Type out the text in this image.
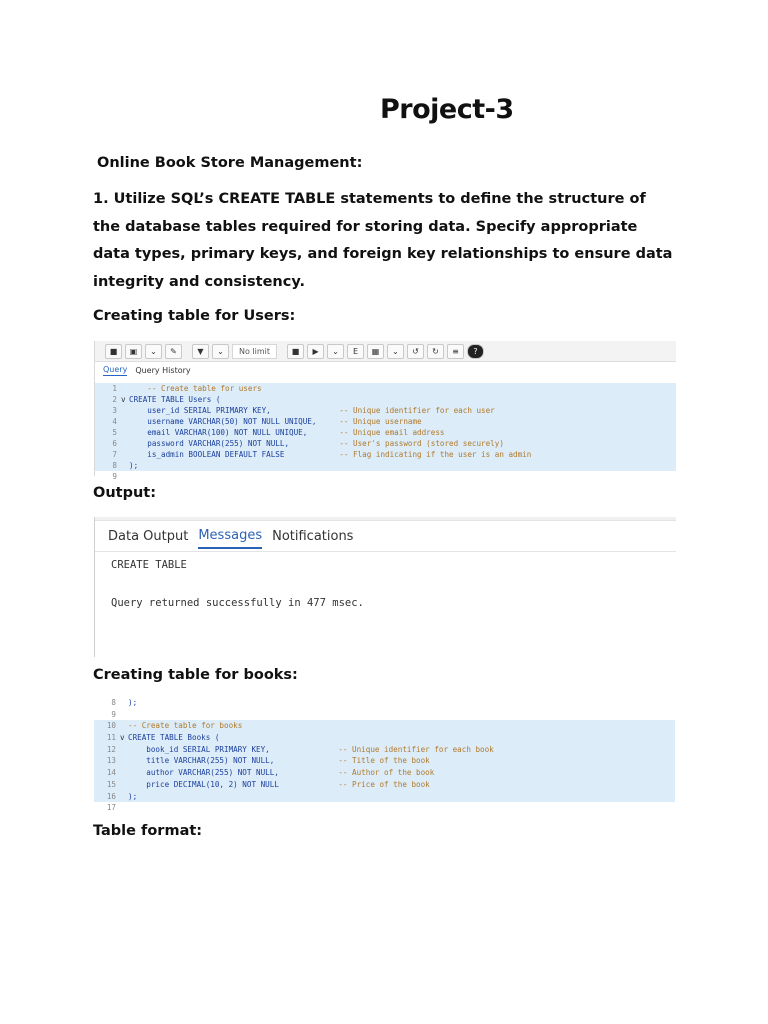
Project-3
Online Book Store Management:
1. Utilize SQL’s CREATE TABLE statements to define the structure of the database tables required for storing data. Specify appropriate data types, primary keys, and foreign key relationships to ensure data integrity and consistency.
Creating table for Users:
■	▣	⌄	✎	▼	⌄	No limit	■	▶	⌄	E	▦	⌄	↺	↻	≡	?
Query Query History
1
	-- Create table for users
2 v CREATE TABLE Users (
3	user_id SERIAL PRIMARY KEY, -- Unique identifier for each user
4	username VARCHAR(50) NOT NULL UNIQUE, -- Unique username
5	email VARCHAR(100) NOT NULL UNIQUE, -- Unique email address
6	password VARCHAR(255) NOT NULL, -- User's password (stored securely)
7	is_admin BOOLEAN DEFAULT FALSE -- Flag indicating if the user is an admin
8	);
9
Output:
Data Output Messages Notifications
CREATE TABLE
Query returned successfully in 477 msec.
Creating table for books:
8	);
9
10	-- Create table for books
11 v CREATE TABLE Books (
12	book_id SERIAL PRIMARY KEY, -- Unique identifier for each book
13	title VARCHAR(255) NOT NULL, -- Title of the book
14	author VARCHAR(255) NOT NULL, -- Author of the book
15	price DECIMAL(10, 2) NOT NULL -- Price of the book
16	);
17
Table format:
